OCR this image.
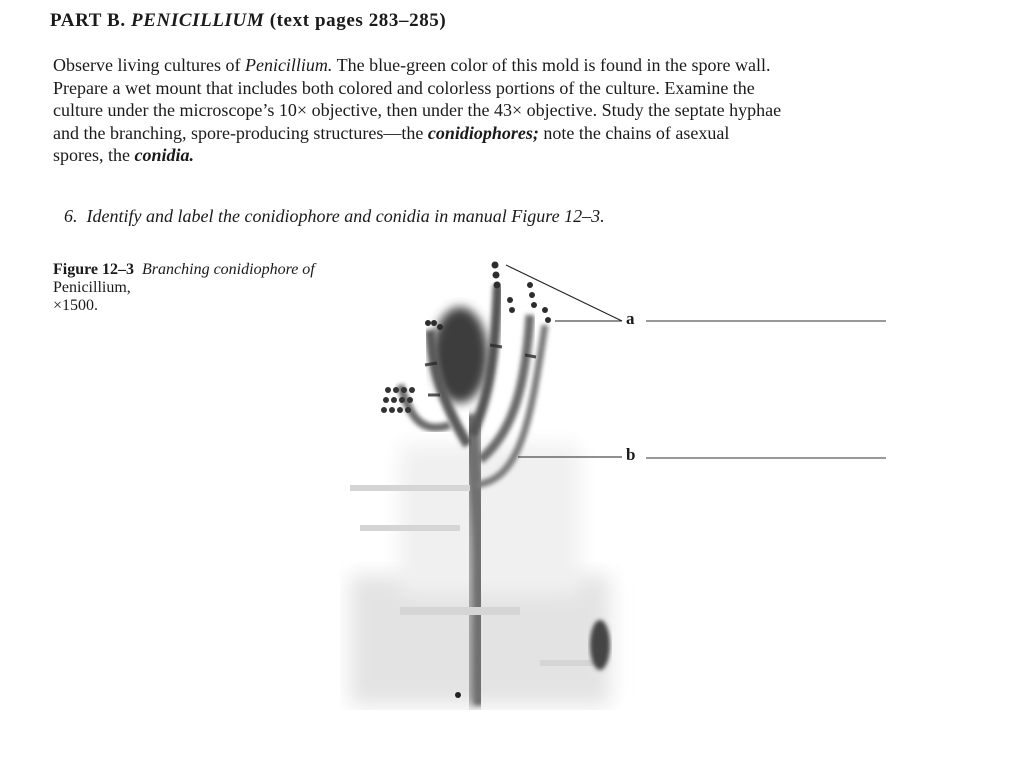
PART B. PENICILLIUM (text pages 283–285)

Observe living cultures of Penicillium. The blue-green color of this mold is found in the spore wall.
Prepare a wet mount that includes both colored and colorless portions of the culture. Examine the
culture under the microscope’s 10× objective, then under the 43× objective. Study the septate hyphae
and the branching, spore-producing structures—the conidiophores; note the chains of asexual
spores, the conidia.

6. Identify and label the conidiophore and conidia in manual Figure 12–3.

Figure 12–3 Branching conidiophore of Penicillium,
×1500.

a
b
